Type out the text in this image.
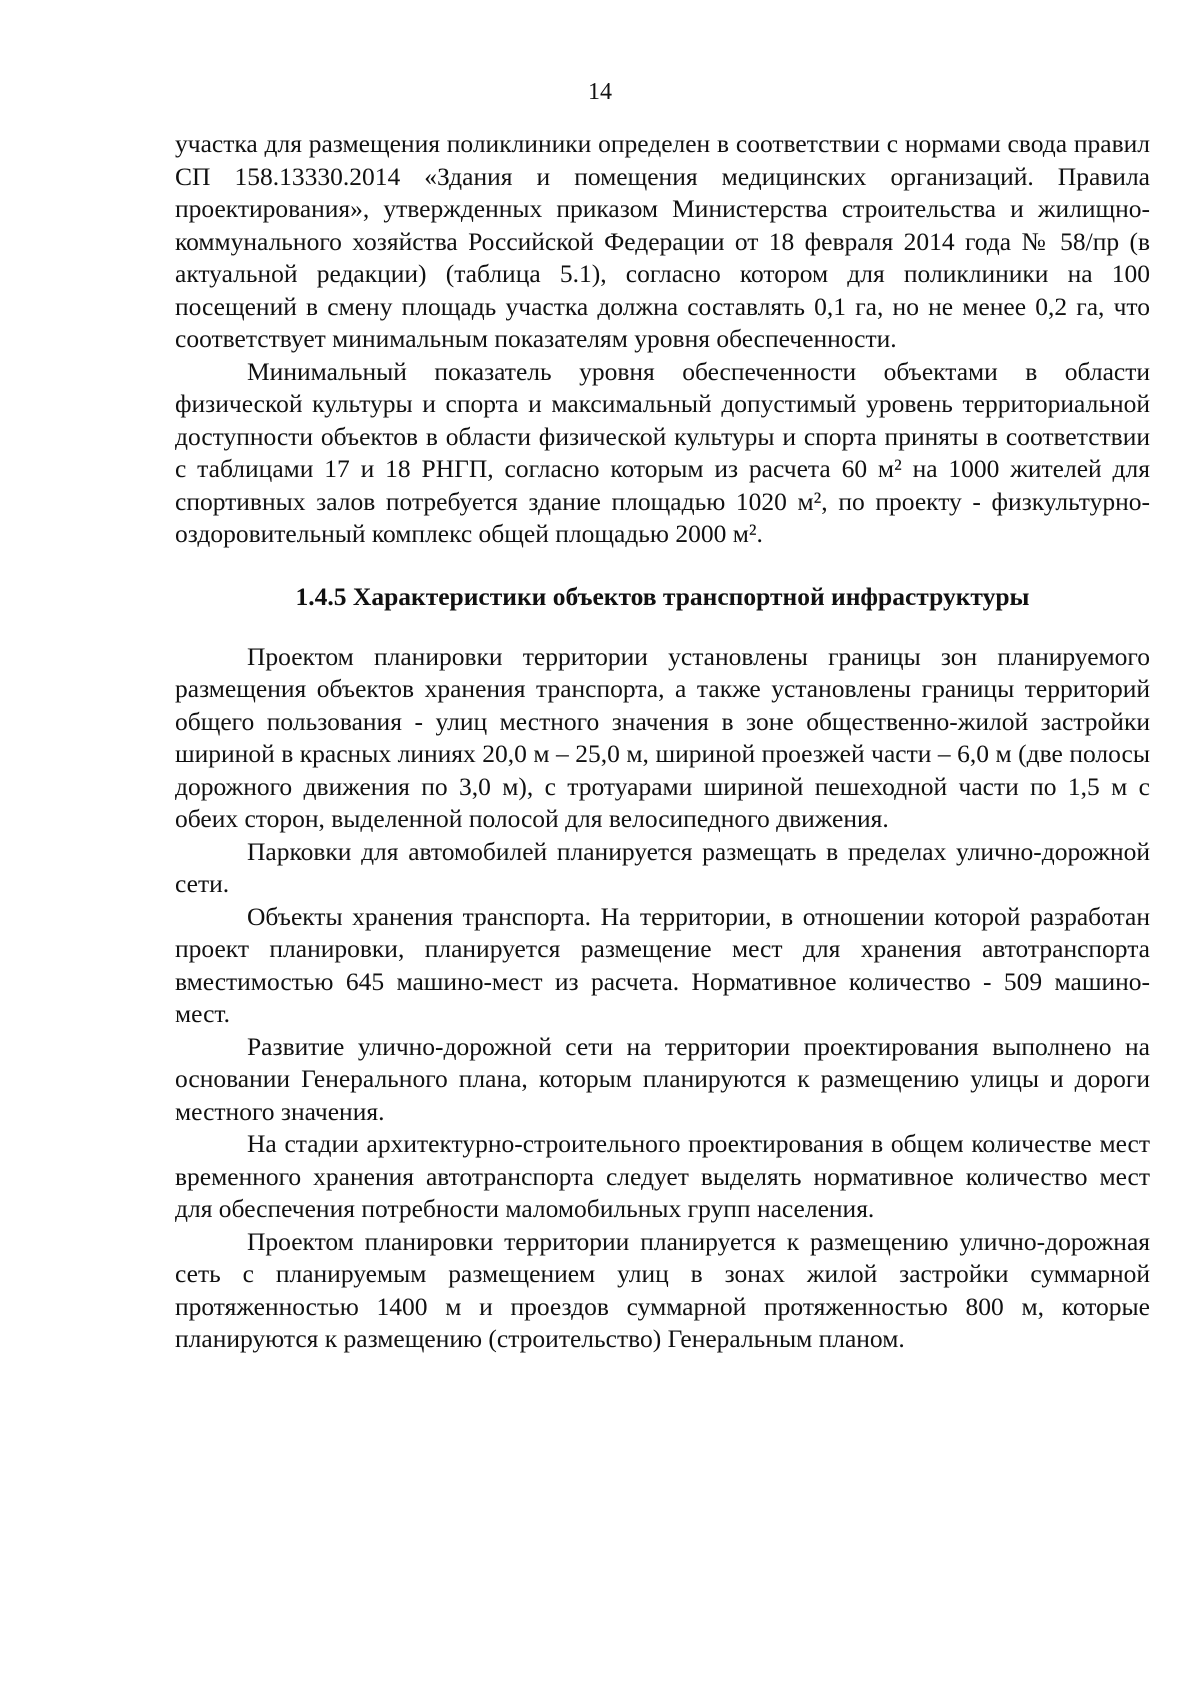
14

участка для размещения поликлиники определен в соответствии с нормами свода правил СП 158.13330.2014 «Здания и помещения медицинских организаций. Правила проектирования», утвержденных приказом Министерства строительства и жилищно-коммунального хозяйства Российской Федерации от 18 февраля 2014 года № 58/пр (в актуальной редакции) (таблица 5.1), согласно котором для поликлиники на 100 посещений в смену площадь участка должна составлять 0,1 га, но не менее 0,2 га, что соответствует минимальным показателям уровня обеспеченности.

Минимальный показатель уровня обеспеченности объектами в области физической культуры и спорта и максимальный допустимый уровень территориальной доступности объектов в области физической культуры и спорта приняты в соответствии с таблицами 17 и 18 РНГП, согласно которым из расчета 60 м² на 1000 жителей для спортивных залов потребуется здание площадью 1020 м², по проекту - физкультурно-оздоровительный комплекс общей площадью 2000 м².

1.4.5 Характеристики объектов транспортной инфраструктуры

Проектом планировки территории установлены границы зон планируемого размещения объектов хранения транспорта, а также установлены границы территорий общего пользования - улиц местного значения в зоне общественно-жилой застройки шириной в красных линиях 20,0 м – 25,0 м, шириной проезжей части – 6,0 м (две полосы дорожного движения по 3,0 м), с тротуарами шириной пешеходной части по 1,5 м с обеих сторон, выделенной полосой для велосипедного движения.

Парковки для автомобилей планируется размещать в пределах улично-дорожной сети.

Объекты хранения транспорта. На территории, в отношении которой разработан проект планировки, планируется размещение мест для хранения автотранспорта вместимостью 645 машино-мест из расчета. Нормативное количество - 509 машино-мест.

Развитие улично-дорожной сети на территории проектирования выполнено на основании Генерального плана, которым планируются к размещению улицы и дороги местного значения.

На стадии архитектурно-строительного проектирования в общем количестве мест временного хранения автотранспорта следует выделять нормативное количество мест для обеспечения потребности маломобильных групп населения.

Проектом планировки территории планируется к размещению улично-дорожная сеть с планируемым размещением улиц в зонах жилой застройки суммарной протяженностью 1400 м и проездов суммарной протяженностью 800 м, которые планируются к размещению (строительство) Генеральным планом.
